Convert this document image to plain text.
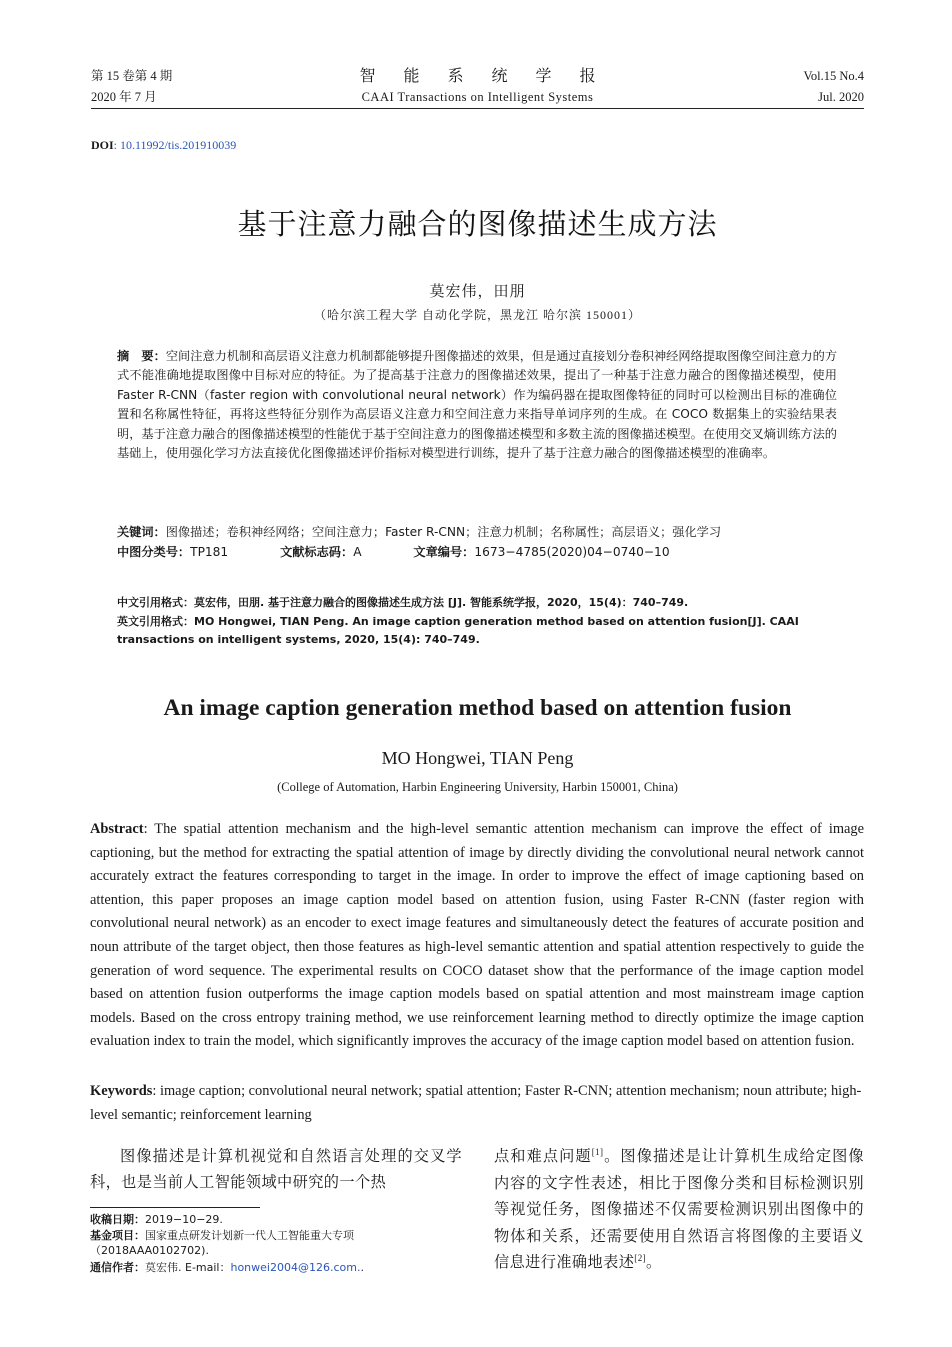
第 15 卷第 4 期
2020 年 7 月
智 能 系 统 学 报
CAAI Transactions on Intelligent Systems
Vol.15 No.4
Jul. 2020
DOI: 10.11992/tis.201910039
基于注意力融合的图像描述生成方法
莫宏伟，田朋
（哈尔滨工程大学 自动化学院，黑龙江 哈尔滨 150001）
摘　要：空间注意力机制和高层语义注意力机制都能够提升图像描述的效果，但是通过直接划分卷积神经网络提取图像空间注意力的方式不能准确地提取图像中目标对应的特征。为了提高基于注意力的图像描述效果，提出了一种基于注意力融合的图像描述模型，使用 Faster R-CNN（faster region with convolutional neural network）作为编码器在提取图像特征的同时可以检测出目标的准确位置和名称属性特征，再将这些特征分别作为高层语义注意力和空间注意力来指导单词序列的生成。在 COCO 数据集上的实验结果表明，基于注意力融合的图像描述模型的性能优于基于空间注意力的图像描述模型和多数主流的图像描述模型。在使用交叉熵训练方法的基础上，使用强化学习方法直接优化图像描述评价指标对模型进行训练，提升了基于注意力融合的图像描述模型的准确率。
关键词：图像描述；卷积神经网络；空间注意力；Faster R-CNN；注意力机制；名称属性；高层语义；强化学习
中图分类号：TP181	文献标志码：A	文章编号：1673−4785(2020)04−0740−10
中文引用格式：莫宏伟，田朋. 基于注意力融合的图像描述生成方法 [J]. 智能系统学报，2020，15(4)：740–749.
英文引用格式：MO Hongwei, TIAN Peng. An image caption generation method based on attention fusion[J]. CAAI transactions on intelligent systems, 2020, 15(4): 740–749.
An image caption generation method based on attention fusion
MO Hongwei, TIAN Peng
(College of Automation, Harbin Engineering University, Harbin 150001, China)
Abstract: The spatial attention mechanism and the high-level semantic attention mechanism can improve the effect of image captioning, but the method for extracting the spatial attention of image by directly dividing the convolutional neural network cannot accurately extract the features corresponding to target in the image. In order to improve the effect of image captioning based on attention, this paper proposes an image caption model based on attention fusion, using Faster R-CNN (faster region with convolutional neural network) as an encoder to exect image features and simultaneously detect the features of accurate position and noun attribute of the target object, then those features as high-level semantic attention and spatial attention respectively to guide the generation of word sequence. The experimental results on COCO dataset show that the performance of the image caption model based on attention fusion outperforms the image caption models based on spatial attention and most mainstream image caption models. Based on the cross entropy training method, we use reinforcement learning method to directly optimize the image caption evaluation index to train the model, which significantly improves the accuracy of the image caption model based on attention fusion.
Keywords: image caption; convolutional neural network; spatial attention; Faster R-CNN; attention mechanism; noun attribute; high-level semantic; reinforcement learning
图像描述是计算机视觉和自然语言处理的交叉学科，也是当前人工智能领域中研究的一个热
点和难点问题[1]。图像描述是让计算机生成给定图像内容的文字性表述，相比于图像分类和目标检测识别等视觉任务，图像描述不仅需要检测识别出图像中的物体和关系，还需要使用自然语言将图像的主要语义信息进行准确地表述[2]。
收稿日期：2019−10−29.
基金项目：国家重点研发计划新一代人工智能重大专项（2018AAA0102702).
通信作者：莫宏伟. E-mail：honwei2004@126.com..
